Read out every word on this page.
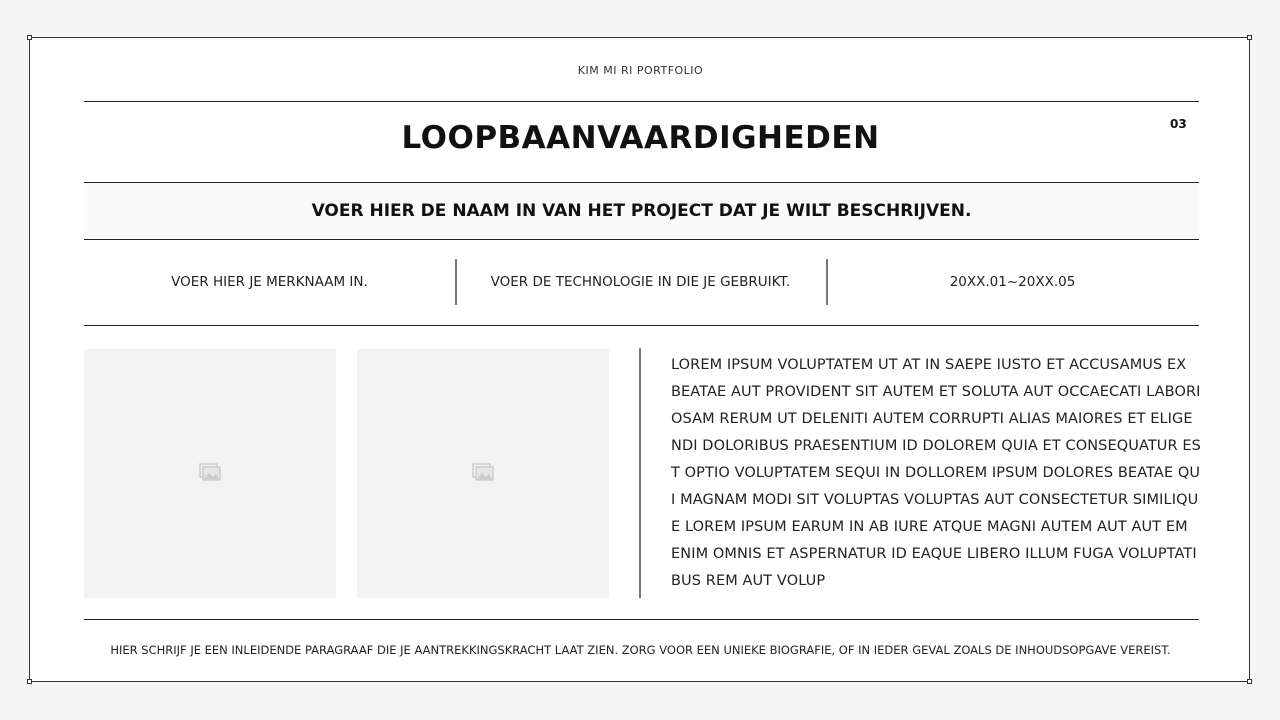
KIM MI RI PORTFOLIO
LOOPBAANVAARDIGHEDEN	03
VOER HIER DE NAAM IN VAN HET PROJECT DAT JE WILT BESCHRIJVEN.
VOER HIER JE MERKNAAM IN.	VOER DE TECHNOLOGIE IN DIE JE GEBRUIKT.	20XX.01~20XX.05
LOREM IPSUM VOLUPTATEM UT AT IN SAEPE IUSTO ET ACCUSAMUS EX BEATAE AUT PROVIDENT SIT AUTEM ET SOLUTA AUT OCCAECATI LABORIOSAM RERUM UT DELENITI AUTEM CORRUPTI ALIAS MAIORES ET ELIGENDI DOLORIBUS PRAESENTIUM ID DOLOREM QUIA ET CONSEQUATUR EST OPTIO VOLUPTATEM SEQUI IN DOLLOREM IPSUM DOLORES BEATAE QUI MAGNAM MODI SIT VOLUPTAS VOLUPTAS AUT CONSECTETUR SIMILIQUE LOREM IPSUM EARUM IN AB IURE ATQUE MAGNI AUTEM AUT AUT EM ENIM OMNIS ET ASPERNATUR ID EAQUE LIBERO ILLUM FUGA VOLUPTATIBUS REM AUT VOLUP
HIER SCHRIJF JE EEN INLEIDENDE PARAGRAAF DIE JE AANTREKKINGSKRACHT LAAT ZIEN. ZORG VOOR EEN UNIEKE BIOGRAFIE, OF IN IEDER GEVAL ZOALS DE INHOUDSOPGAVE VEREIST.
